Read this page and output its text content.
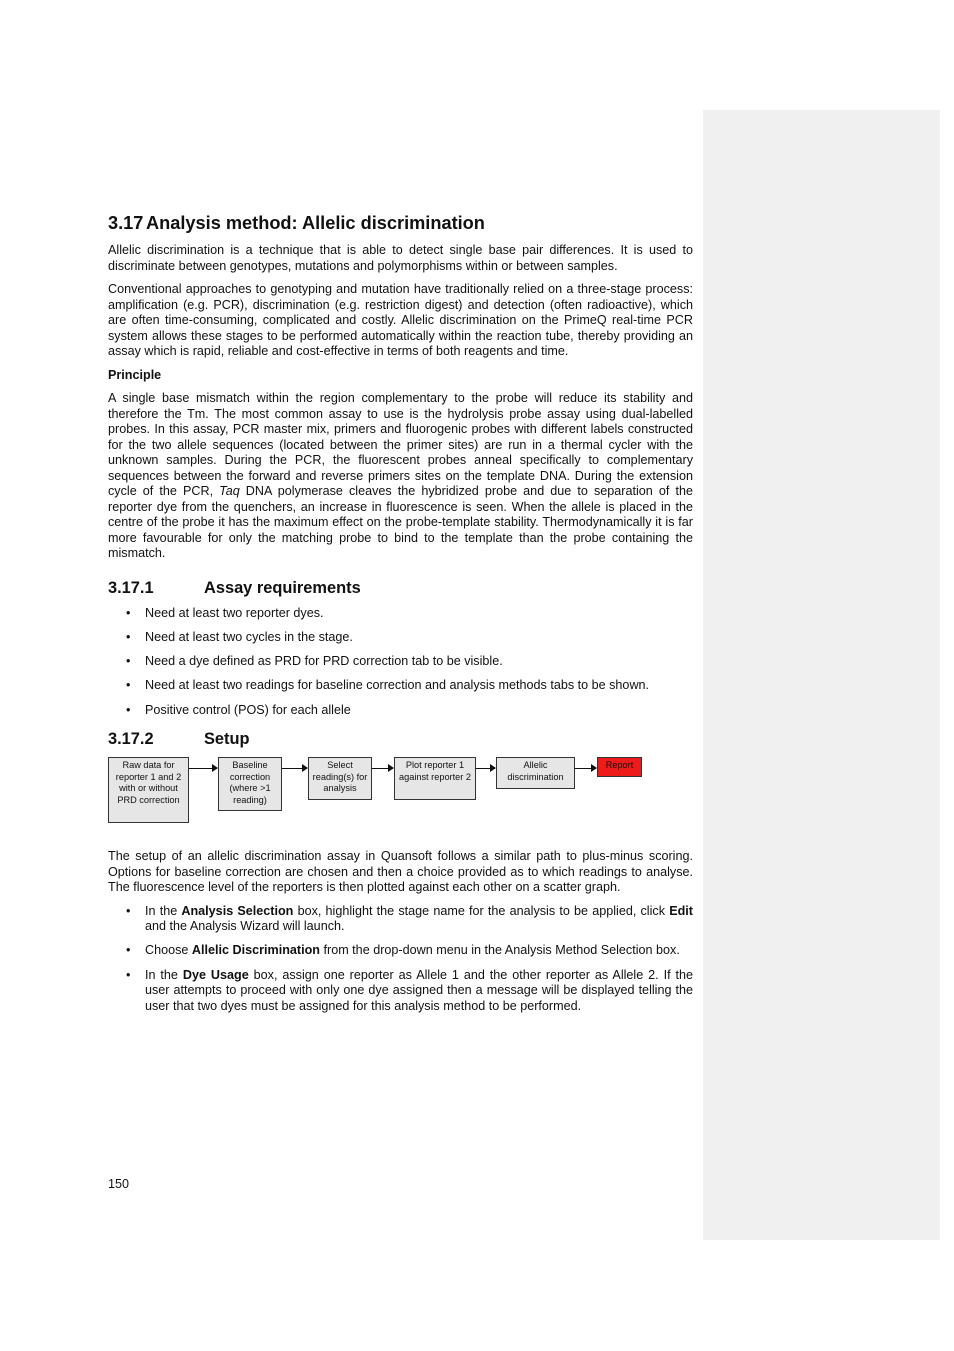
3.17 Analysis method: Allelic discrimination

Allelic discrimination is a technique that is able to detect single base pair differences. It is used to discriminate between genotypes, mutations and polymorphisms within or between samples.

Conventional approaches to genotyping and mutation have traditionally relied on a three-stage process: amplification (e.g. PCR), discrimination (e.g. restriction digest) and detection (often radioactive), which are often time-consuming, complicated and costly. Allelic discrimination on the PrimeQ real-time PCR system allows these stages to be performed automatically within the reaction tube, thereby providing an assay which is rapid, reliable and cost-effective in terms of both reagents and time.

Principle

A single base mismatch within the region complementary to the probe will reduce its stability and therefore the Tm. The most common assay to use is the hydrolysis probe assay using dual-labelled probes. In this assay, PCR master mix, primers and fluorogenic probes with different labels constructed for the two allele sequences (located between the primer sites) are run in a thermal cycler with the unknown samples. During the PCR, the fluorescent probes anneal specifically to complementary sequences between the forward and reverse primers sites on the template DNA. During the extension cycle of the PCR, Taq DNA polymerase cleaves the hybridized probe and due to separation of the reporter dye from the quenchers, an increase in fluorescence is seen. When the allele is placed in the centre of the probe it has the maximum effect on the probe-template stability. Thermodynamically it is far more favourable for only the matching probe to bind to the template than the probe containing the mismatch.

3.17.1	Assay requirements
• Need at least two reporter dyes.
• Need at least two cycles in the stage.
• Need a dye defined as PRD for PRD correction tab to be visible.
• Need at least two readings for baseline correction and analysis methods tabs to be shown.
• Positive control (POS) for each allele
3.17.2	Setup
Raw data for reporter 1 and 2 with or without PRD correction
Baseline correction (where >1 reading)
Select reading(s) for analysis
Plot reporter 1 against reporter 2
Allelic discrimination
Report

The setup of an allelic discrimination assay in Quansoft follows a similar path to plus-minus scoring. Options for baseline correction are chosen and then a choice provided as to which readings to analyse. The fluorescence level of the reporters is then plotted against each other on a scatter graph.

• In the Analysis Selection box, highlight the stage name for the analysis to be applied, click Edit and the Analysis Wizard will launch.
• Choose Allelic Discrimination from the drop-down menu in the Analysis Method Selection box.
• In the Dye Usage box, assign one reporter as Allele 1 and the other reporter as Allele 2. If the user attempts to proceed with only one dye assigned then a message will be displayed telling the user that two dyes must be assigned for this analysis method to be performed.
150
